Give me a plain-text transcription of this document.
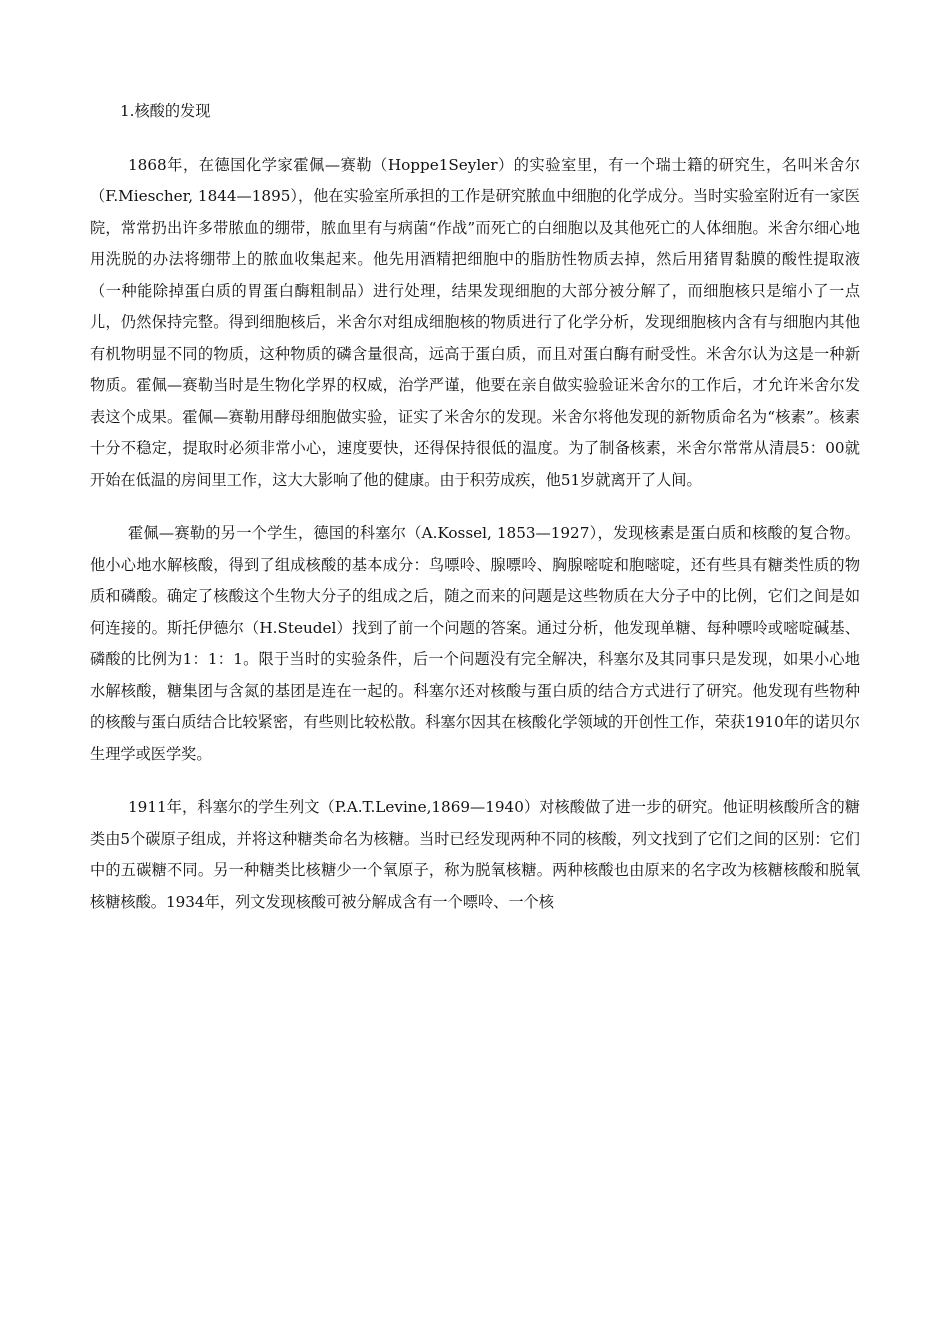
1.核酸的发现

1868年，在德国化学家霍佩—赛勒（Hoppe1Seyler）的实验室里，有一个瑞士籍的研究生，名叫米舍尔（F.Miescher, 1844—1895），他在实验室所承担的工作是研究脓血中细胞的化学成分。当时实验室附近有一家医院，常常扔出许多带脓血的绷带，脓血里有与病菌“作战”而死亡的白细胞以及其他死亡的人体细胞。米舍尔细心地用洗脱的办法将绷带上的脓血收集起来。他先用酒精把细胞中的脂肪性物质去掉，然后用猪胃黏膜的酸性提取液（一种能除掉蛋白质的胃蛋白酶粗制品）进行处理，结果发现细胞的大部分被分解了，而细胞核只是缩小了一点儿，仍然保持完整。得到细胞核后，米舍尔对组成细胞核的物质进行了化学分析，发现细胞核内含有与细胞内其他有机物明显不同的物质，这种物质的磷含量很高，远高于蛋白质，而且对蛋白酶有耐受性。米舍尔认为这是一种新物质。霍佩—赛勒当时是生物化学界的权威，治学严谨，他要在亲自做实验验证米舍尔的工作后，才允许米舍尔发表这个成果。霍佩—赛勒用酵母细胞做实验，证实了米舍尔的发现。米舍尔将他发现的新物质命名为“核素”。核素十分不稳定，提取时必须非常小心，速度要快，还得保持很低的温度。为了制备核素，米舍尔常常从清晨5：00就开始在低温的房间里工作，这大大影响了他的健康。由于积劳成疾，他51岁就离开了人间。

霍佩—赛勒的另一个学生，德国的科塞尔（A.Kossel, 1853—1927），发现核素是蛋白质和核酸的复合物。他小心地水解核酸，得到了组成核酸的基本成分：鸟嘌呤、腺嘌呤、胸腺嘧啶和胞嘧啶，还有些具有糖类性质的物质和磷酸。确定了核酸这个生物大分子的组成之后，随之而来的问题是这些物质在大分子中的比例，它们之间是如何连接的。斯托伊德尔（H.Steudel）找到了前一个问题的答案。通过分析，他发现单糖、每种嘌呤或嘧啶碱基、磷酸的比例为1：1：1。限于当时的实验条件，后一个问题没有完全解决，科塞尔及其同事只是发现，如果小心地水解核酸，糖集团与含氮的基团是连在一起的。科塞尔还对核酸与蛋白质的结合方式进行了研究。他发现有些物种的核酸与蛋白质结合比较紧密，有些则比较松散。科塞尔因其在核酸化学领域的开创性工作，荣获1910年的诺贝尔生理学或医学奖。

1911年，科塞尔的学生列文（P.A.T.Levine,1869—1940）对核酸做了进一步的研究。他证明核酸所含的糖类由5个碳原子组成，并将这种糖类命名为核糖。当时已经发现两种不同的核酸，列文找到了它们之间的区别：它们中的五碳糖不同。另一种糖类比核糖少一个氧原子，称为脱氧核糖。两种核酸也由原来的名字改为核糖核酸和脱氧核糖核酸。1934年，列文发现核酸可被分解成含有一个嘌呤、一个核
